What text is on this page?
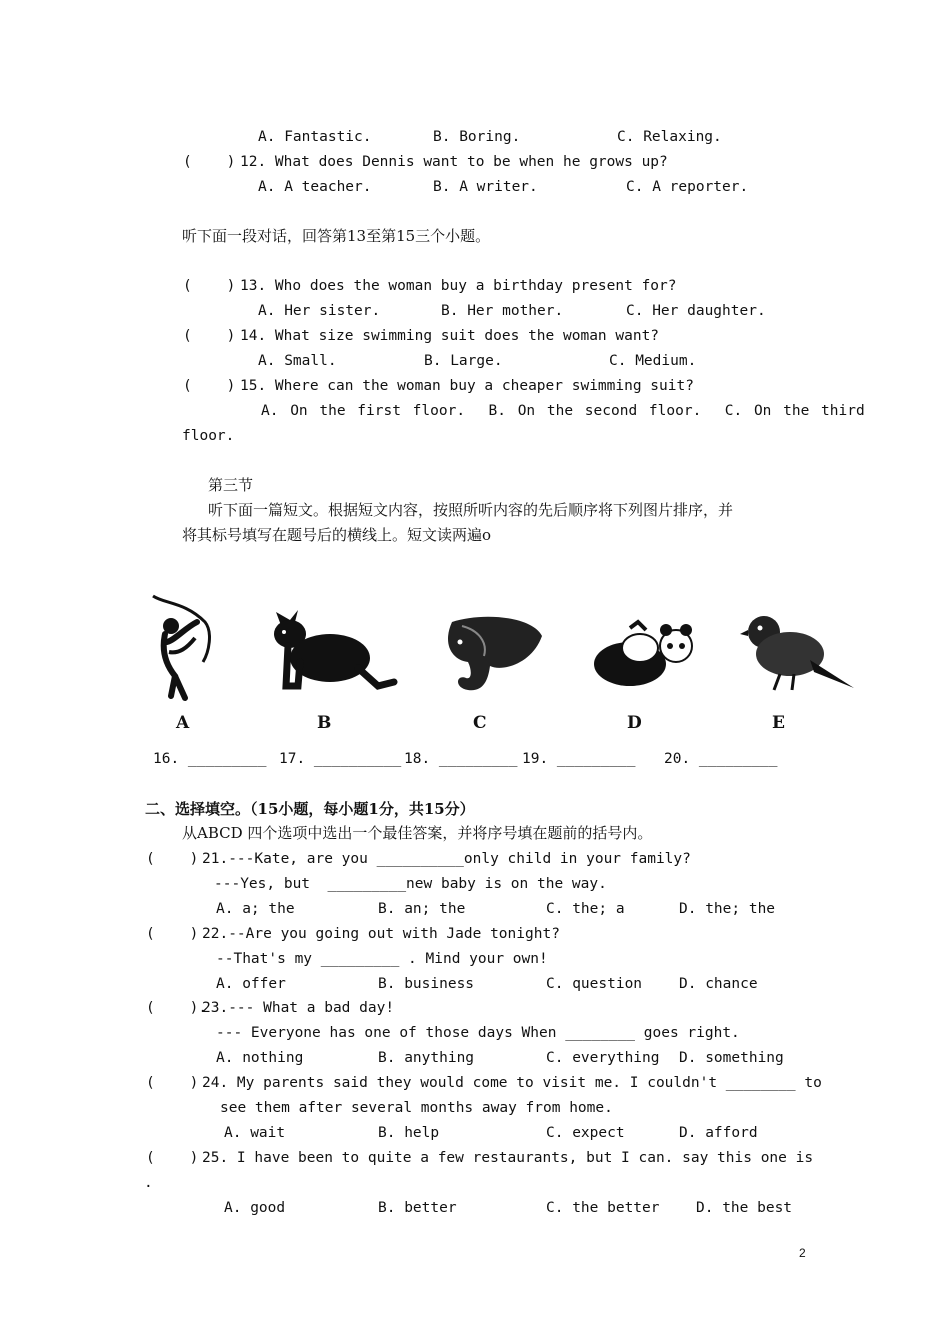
A. Fantastic.	B. Boring.	C. Relaxing.
(    ) 12. What does Dennis want to be when he grows up?
A. A teacher.	B. A writer.	C. A reporter.
听下面一段对话，回答第13至第15三个小题。
(    ) 13. Who does the woman buy a birthday present for?
A. Her sister.	B. Her mother.	C. Her daughter.
(    ) 14. What size swimming suit does the woman want?
A. Small.	B. Large.	C. Medium.
(    ) 15. Where can the woman buy a cheaper swimming suit?
A. On the first floor.  B. On the second floor.  C. On the third
floor.
第三节
听下面一篇短文。根据短文内容，按照所听内容的先后顺序将下列图片排序，并
将其标号填写在题号后的横线上。短文读两遍o
A	B	C	D	E
16. _________ 17. __________ 18. _________ 19. _________ 20. _________
二、选择填空。（15小题，每小题1分，共15分）
从ABCD 四个选项中选出一个最佳答案，并将序号填在题前的括号内。
(    ) 21.---Kate, are you __________only child in your family?
---Yes, but  _________new baby is on the way.
A. a; the	B. an; the	C. the; a	D. the; the
(    ) 22.--Are you going out with Jade tonight?
--That's my _________ . Mind your own!
A. offer	B. business	C. question	D. chance
(    ).
23.--- What a bad day!
--- Everyone has one of those days When ________ goes right.
A. nothing	B. anything	C. everything D. something
(    ) 24. My parents said they would come to visit me. I couldn't ________ to
see them after several months away from home.
A. wait	B. help	C. expect	D. afford
(    ) 25. I have been to quite a few restaurants, but I can. say this one is
.
A. good	B. better	C. the better	D. the best
2
